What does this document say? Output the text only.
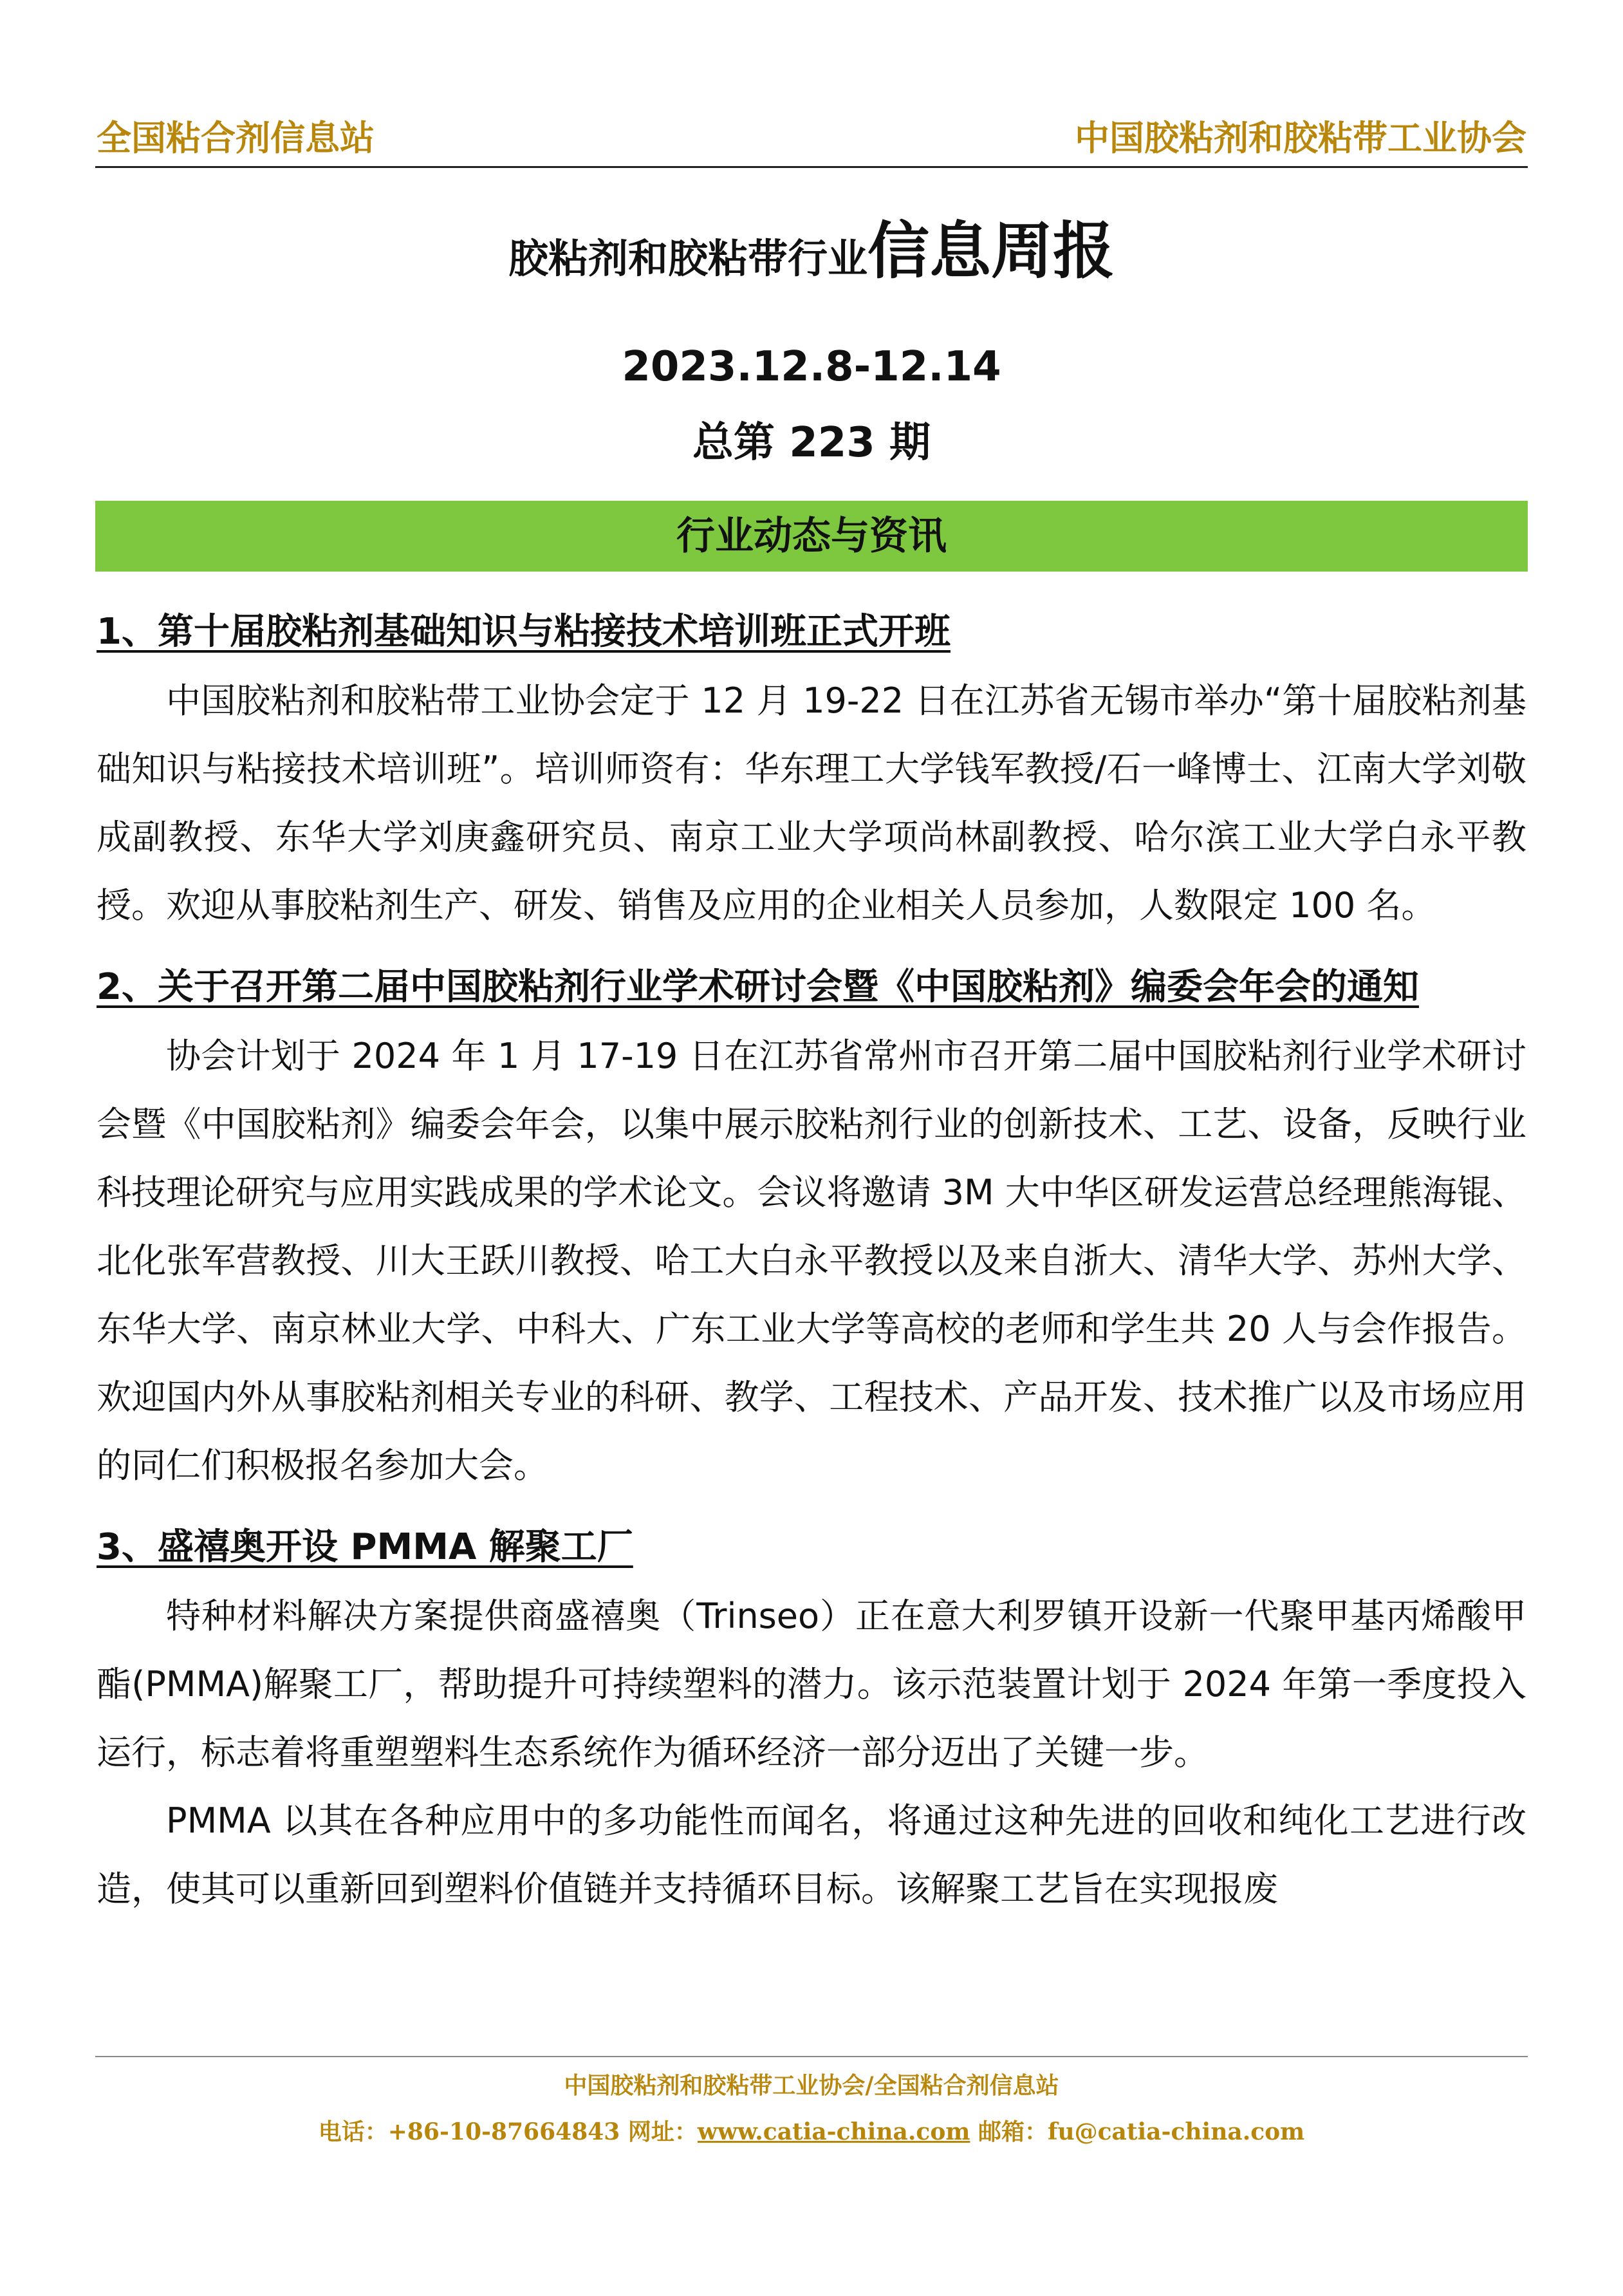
全国粘合剂信息站	中国胶粘剂和胶粘带工业协会
胶粘剂和胶粘带行业信息周报
2023.12.8-12.14
总第 223 期
行业动态与资讯

1、第十届胶粘剂基础知识与粘接技术培训班正式开班

中国胶粘剂和胶粘带工业协会定于 12 月 19-22 日在江苏省无锡市举办“第十届胶粘剂基础知识与粘接技术培训班”。培训师资有：华东理工大学钱军教授/石一峰博士、江南大学刘敬成副教授、东华大学刘庚鑫研究员、南京工业大学项尚林副教授、哈尔滨工业大学白永平教授。欢迎从事胶粘剂生产、研发、销售及应用的企业相关人员参加，人数限定 100 名。

2、关于召开第二届中国胶粘剂行业学术研讨会暨《中国胶粘剂》编委会年会的通知

协会计划于 2024 年 1 月 17-19 日在江苏省常州市召开第二届中国胶粘剂行业学术研讨会暨《中国胶粘剂》编委会年会，以集中展示胶粘剂行业的创新技术、工艺、设备，反映行业科技理论研究与应用实践成果的学术论文。会议将邀请 3M 大中华区研发运营总经理熊海锟、北化张军营教授、川大王跃川教授、哈工大白永平教授以及来自浙大、清华大学、苏州大学、东华大学、南京林业大学、中科大、广东工业大学等高校的老师和学生共 20 人与会作报告。欢迎国内外从事胶粘剂相关专业的科研、教学、工程技术、产品开发、技术推广以及市场应用的同仁们积极报名参加大会。

3、盛禧奥开设 PMMA 解聚工厂

特种材料解决方案提供商盛禧奥（Trinseo）正在意大利罗镇开设新一代聚甲基丙烯酸甲酯(PMMA)解聚工厂，帮助提升可持续塑料的潜力。该示范装置计划于 2024 年第一季度投入运行，标志着将重塑塑料生态系统作为循环经济一部分迈出了关键一步。

PMMA 以其在各种应用中的多功能性而闻名，将通过这种先进的回收和纯化工艺进行改造，使其可以重新回到塑料价值链并支持循环目标。该解聚工艺旨在实现报废

中国胶粘剂和胶粘带工业协会/全国粘合剂信息站
电话：+86-10-87664843 网址：www.catia-china.com 邮箱：fu@catia-china.com
